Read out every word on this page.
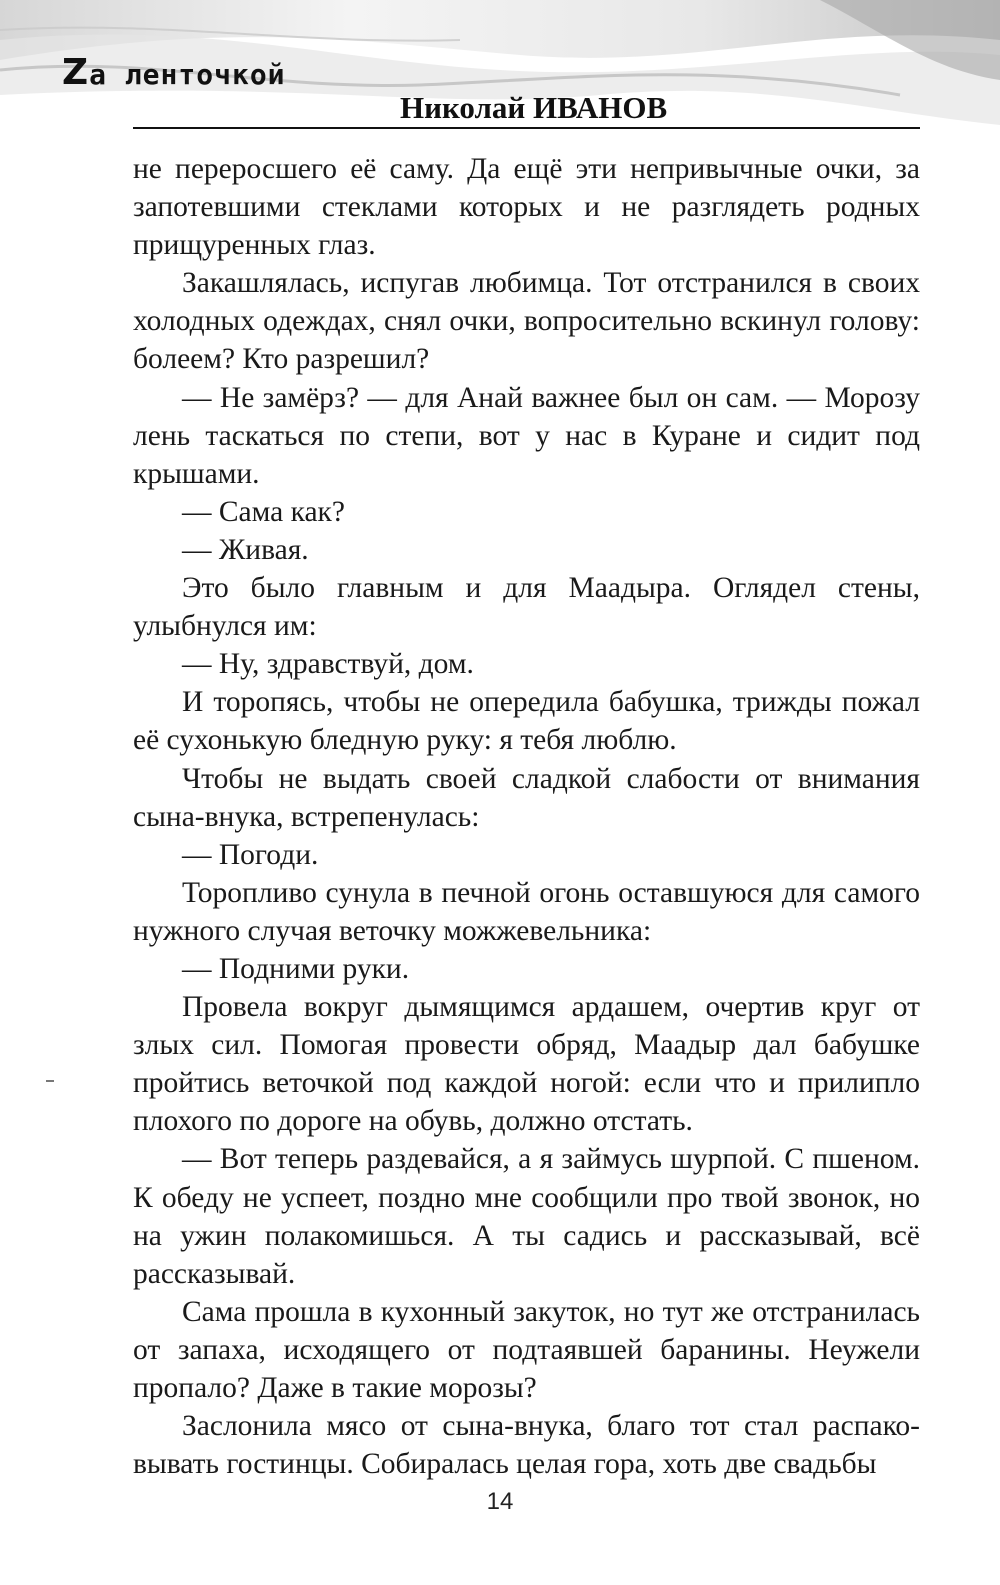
Zа ленточкой
Николай ИВАНОВ

не переросшего её саму. Да ещё эти непривычные очки, за запотевшими стеклами которых и не разглядеть родных прищуренных глаз.

Закашлялась, испугав любимца. Тот отстранился в своих холодных одеждах, снял очки, вопросительно вскинул голову: болеем? Кто разрешил?

— Не замёрз? — для Анай важнее был он сам. — Морозу лень таскаться по степи, вот у нас в Куране и сидит под крышами.

— Сама как?

— Живая.

Это было главным и для Маадыра. Оглядел стены, улыбнулся им:

— Ну, здравствуй, дом.

И торопясь, чтобы не опередила бабушка, трижды пожал её сухонькую бледную руку: я тебя люблю.

Чтобы не выдать своей сладкой слабости от внимания сына-внука, встрепенулась:

— Погоди.

Торопливо сунула в печной огонь оставшуюся для самого нужного случая веточку можжевельника:

— Подними руки.

Провела вокруг дымящимся ардашем, очертив круг от злых сил. Помогая провести обряд, Маадыр дал бабушке пройтись веточкой под каждой ногой: если что и прилипло плохого по дороге на обувь, должно отстать.

— Вот теперь раздевайся, а я займусь шурпой. С пшеном. К обеду не успеет, поздно мне сообщили про твой звонок, но на ужин полакомишься. А ты садись и рассказывай, всё рассказывай.

Сама прошла в кухонный закуток, но тут же отстранилась от запаха, исходящего от подтаявшей баранины. Неужели пропало? Даже в такие морозы?

Заслонила мясо от сына-внука, благо тот стал распаковывать гостинцы. Собиралась целая гора, хоть две свадьбы

14
